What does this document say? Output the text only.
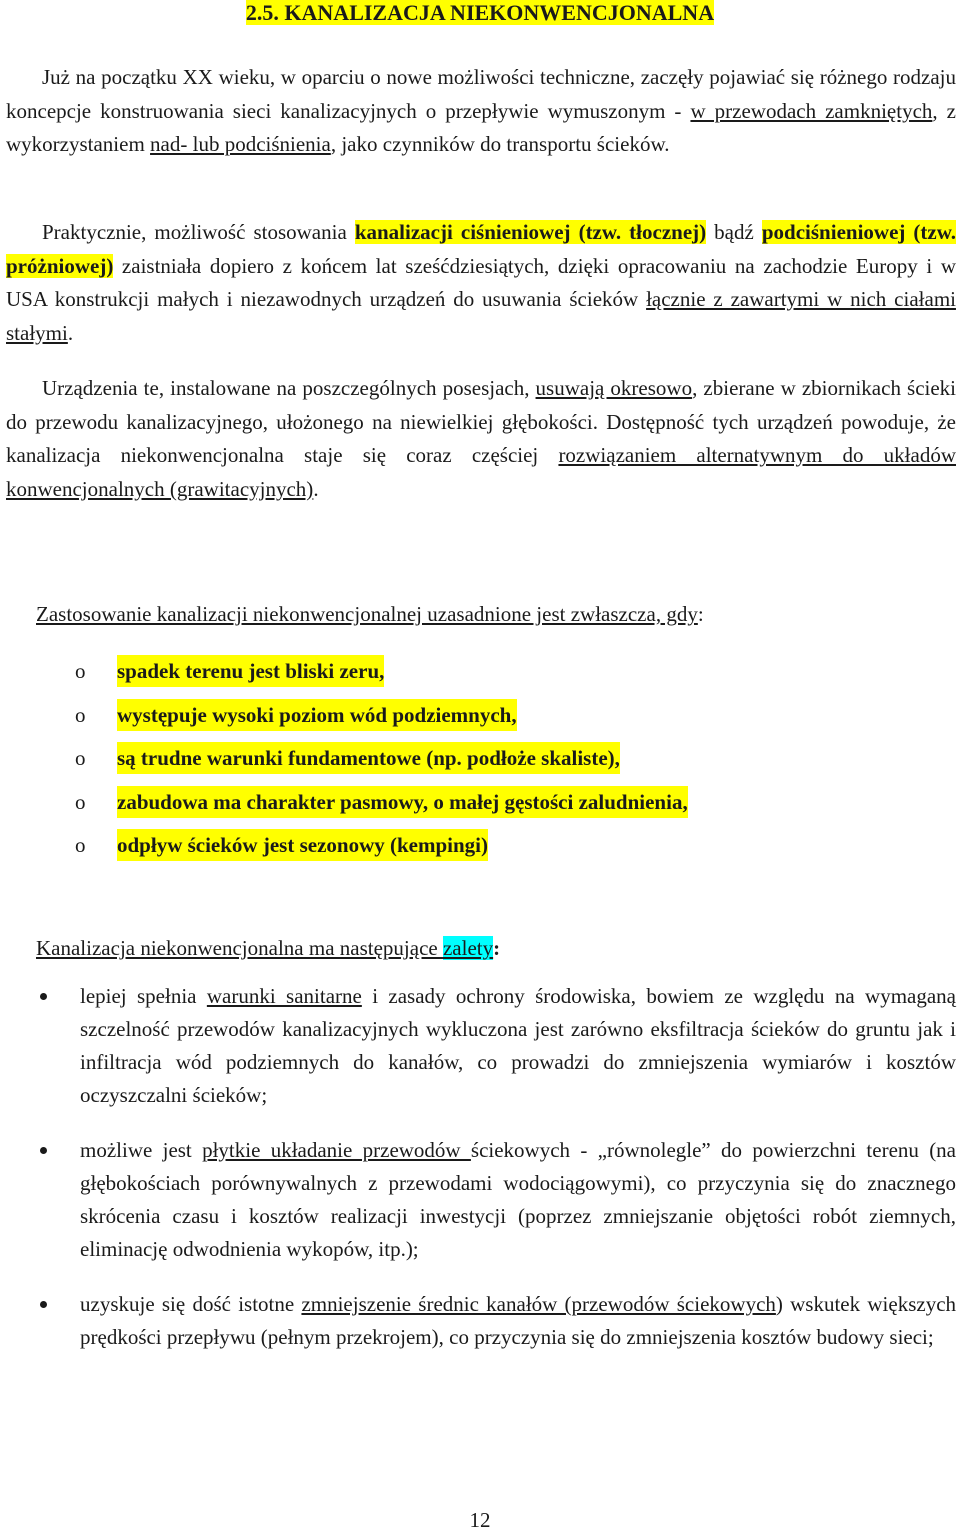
2.5. KANALIZACJA NIEKONWENCJONALNA

Już na początku XX wieku, w oparciu o nowe możliwości techniczne, zaczęły pojawiać się różnego rodzaju koncepcje konstruowania sieci kanalizacyjnych o przepływie wymuszonym - w przewodach zamkniętych, z wykorzystaniem nad- lub podciśnienia, jako czynników do transportu ścieków.

Praktycznie, możliwość stosowania kanalizacji ciśnieniowej (tzw. tłocznej) bądź podciśnieniowej (tzw. próżniowej) zaistniała dopiero z końcem lat sześćdziesiątych, dzięki opracowaniu na zachodzie Europy i w USA konstrukcji małych i niezawodnych urządzeń do usuwania ścieków łącznie z zawartymi w nich ciałami stałymi.

Urządzenia te, instalowane na poszczególnych posesjach, usuwają okresowo, zbierane w zbiornikach ścieki do przewodu kanalizacyjnego, ułożonego na niewielkiej głębokości. Dostępność tych urządzeń powoduje, że kanalizacja niekonwencjonalna staje się coraz częściej rozwiązaniem alternatywnym do układów konwencjonalnych (grawitacyjnych).

Zastosowanie kanalizacji niekonwencjonalnej uzasadnione jest zwłaszcza, gdy:

o spadek terenu jest bliski zeru,
o występuje wysoki poziom wód podziemnych,
o są trudne warunki fundamentowe (np. podłoże skaliste),
o zabudowa ma charakter pasmowy, o małej gęstości zaludnienia,
o odpływ ścieków jest sezonowy (kempingi)

Kanalizacja niekonwencjonalna ma następujące zalety:

lepiej spełnia warunki sanitarne i zasady ochrony środowiska, bowiem ze względu na wymaganą szczelność przewodów kanalizacyjnych wykluczona jest zarówno eksfiltracja ścieków do gruntu jak i infiltracja wód podziemnych do kanałów, co prowadzi do zmniejszenia wymiarów i kosztów oczyszczalni ścieków;
możliwe jest płytkie układanie przewodów ściekowych - „równolegle” do powierzchni terenu (na głębokościach porównywalnych z przewodami wodociągowymi), co przyczynia się do znacznego skrócenia czasu i kosztów realizacji inwestycji (poprzez zmniejszanie objętości robót ziemnych, eliminację odwodnienia wykopów, itp.);
uzyskuje się dość istotne zmniejszenie średnic kanałów (przewodów ściekowych) wskutek większych prędkości przepływu (pełnym przekrojem), co przyczynia się do zmniejszenia kosztów budowy sieci;
12
